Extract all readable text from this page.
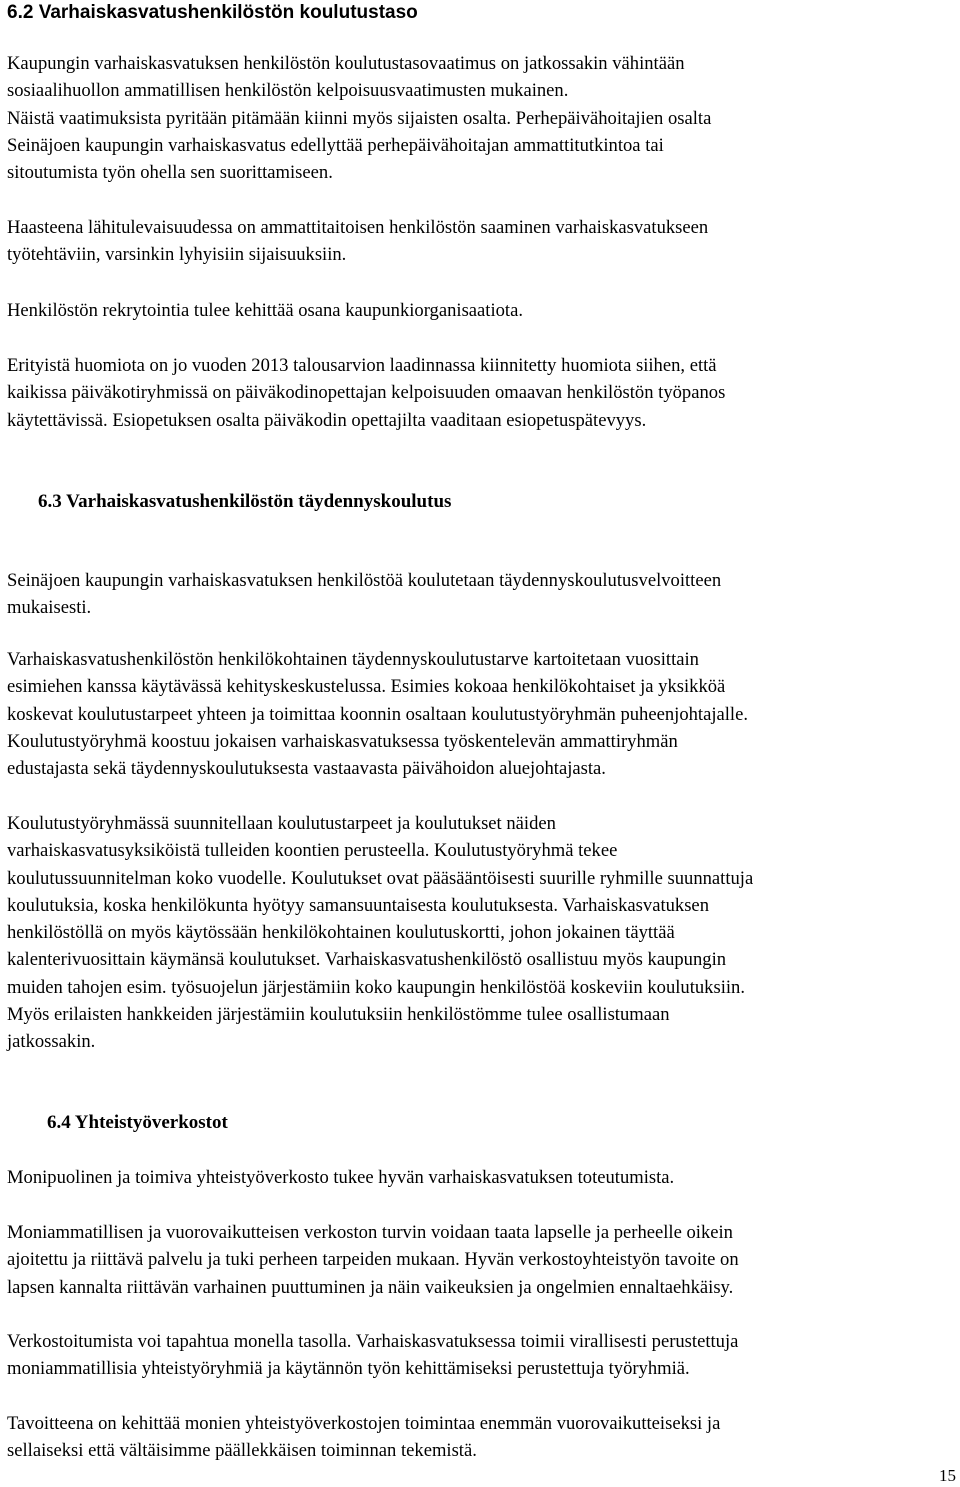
6.2 Varhaiskasvatushenkilöstön koulutustaso

Kaupungin varhaiskasvatuksen henkilöstön koulutustasovaatimus on jatkossakin vähintään
sosiaalihuollon ammatillisen henkilöstön kelpoisuusvaatimusten mukainen.
Näistä vaatimuksista pyritään pitämään kiinni myös sijaisten osalta. Perhepäivähoitajien osalta
Seinäjoen kaupungin varhaiskasvatus edellyttää perhepäivähoitajan ammattitutkintoa tai
sitoutumista työn ohella sen suorittamiseen.

Haasteena lähitulevaisuudessa on ammattitaitoisen henkilöstön saaminen varhaiskasvatukseen
työtehtäviin, varsinkin lyhyisiin sijaisuuksiin.

Henkilöstön rekrytointia tulee kehittää osana kaupunkiorganisaatiota.

Erityistä huomiota on jo vuoden 2013 talousarvion laadinnassa kiinnitetty huomiota siihen, että
kaikissa päiväkotiryhmissä on päiväkodinopettajan kelpoisuuden omaavan henkilöstön työpanos
käytettävissä. Esiopetuksen osalta päiväkodin opettajilta vaaditaan esiopetuspätevyys.

6.3 Varhaiskasvatushenkilöstön täydennyskoulutus

Seinäjoen kaupungin varhaiskasvatuksen henkilöstöä koulutetaan täydennyskoulutusvelvoitteen
mukaisesti.

Varhaiskasvatushenkilöstön henkilökohtainen täydennyskoulutustarve kartoitetaan vuosittain
esimiehen kanssa käytävässä kehityskeskustelussa. Esimies kokoaa henkilökohtaiset ja yksikköä
koskevat koulutustarpeet yhteen ja toimittaa koonnin osaltaan koulutustyöryhmän puheenjohtajalle.
Koulutustyöryhmä koostuu jokaisen varhaiskasvatuksessa työskentelevän ammattiryhmän
edustajasta sekä täydennyskoulutuksesta vastaavasta päivähoidon aluejohtajasta.

Koulutustyöryhmässä suunnitellaan koulutustarpeet ja koulutukset näiden
varhaiskasvatusyksiköistä tulleiden koontien perusteella. Koulutustyöryhmä tekee
koulutussuunnitelman koko vuodelle. Koulutukset ovat pääsääntöisesti suurille ryhmille suunnattuja
koulutuksia, koska henkilökunta hyötyy samansuuntaisesta koulutuksesta. Varhaiskasvatuksen
henkilöstöllä on myös käytössään henkilökohtainen koulutuskortti, johon jokainen täyttää
kalenterivuosittain käymänsä koulutukset. Varhaiskasvatushenkilöstö osallistuu myös kaupungin
muiden tahojen esim. työsuojelun järjestämiin koko kaupungin henkilöstöä koskeviin koulutuksiin.
Myös erilaisten hankkeiden järjestämiin koulutuksiin henkilöstömme tulee osallistumaan
jatkossakin.

6.4 Yhteistyöverkostot

Monipuolinen ja toimiva yhteistyöverkosto tukee hyvän varhaiskasvatuksen toteutumista.

Moniammatillisen ja vuorovaikutteisen verkoston turvin voidaan taata lapselle ja perheelle oikein
ajoitettu ja riittävä palvelu ja tuki perheen tarpeiden mukaan. Hyvän verkostoyhteistyön tavoite on
lapsen kannalta riittävän varhainen puuttuminen ja näin vaikeuksien ja ongelmien ennaltaehkäisy.

Verkostoitumista voi tapahtua monella tasolla. Varhaiskasvatuksessa toimii virallisesti perustettuja
moniammatillisia yhteistyöryhmiä ja käytännön työn kehittämiseksi perustettuja työryhmiä.

Tavoitteena on kehittää monien yhteistyöverkostojen toimintaa enemmän vuorovaikutteiseksi ja
sellaiseksi että vältäisimme päällekkäisen toiminnan tekemistä.

15
